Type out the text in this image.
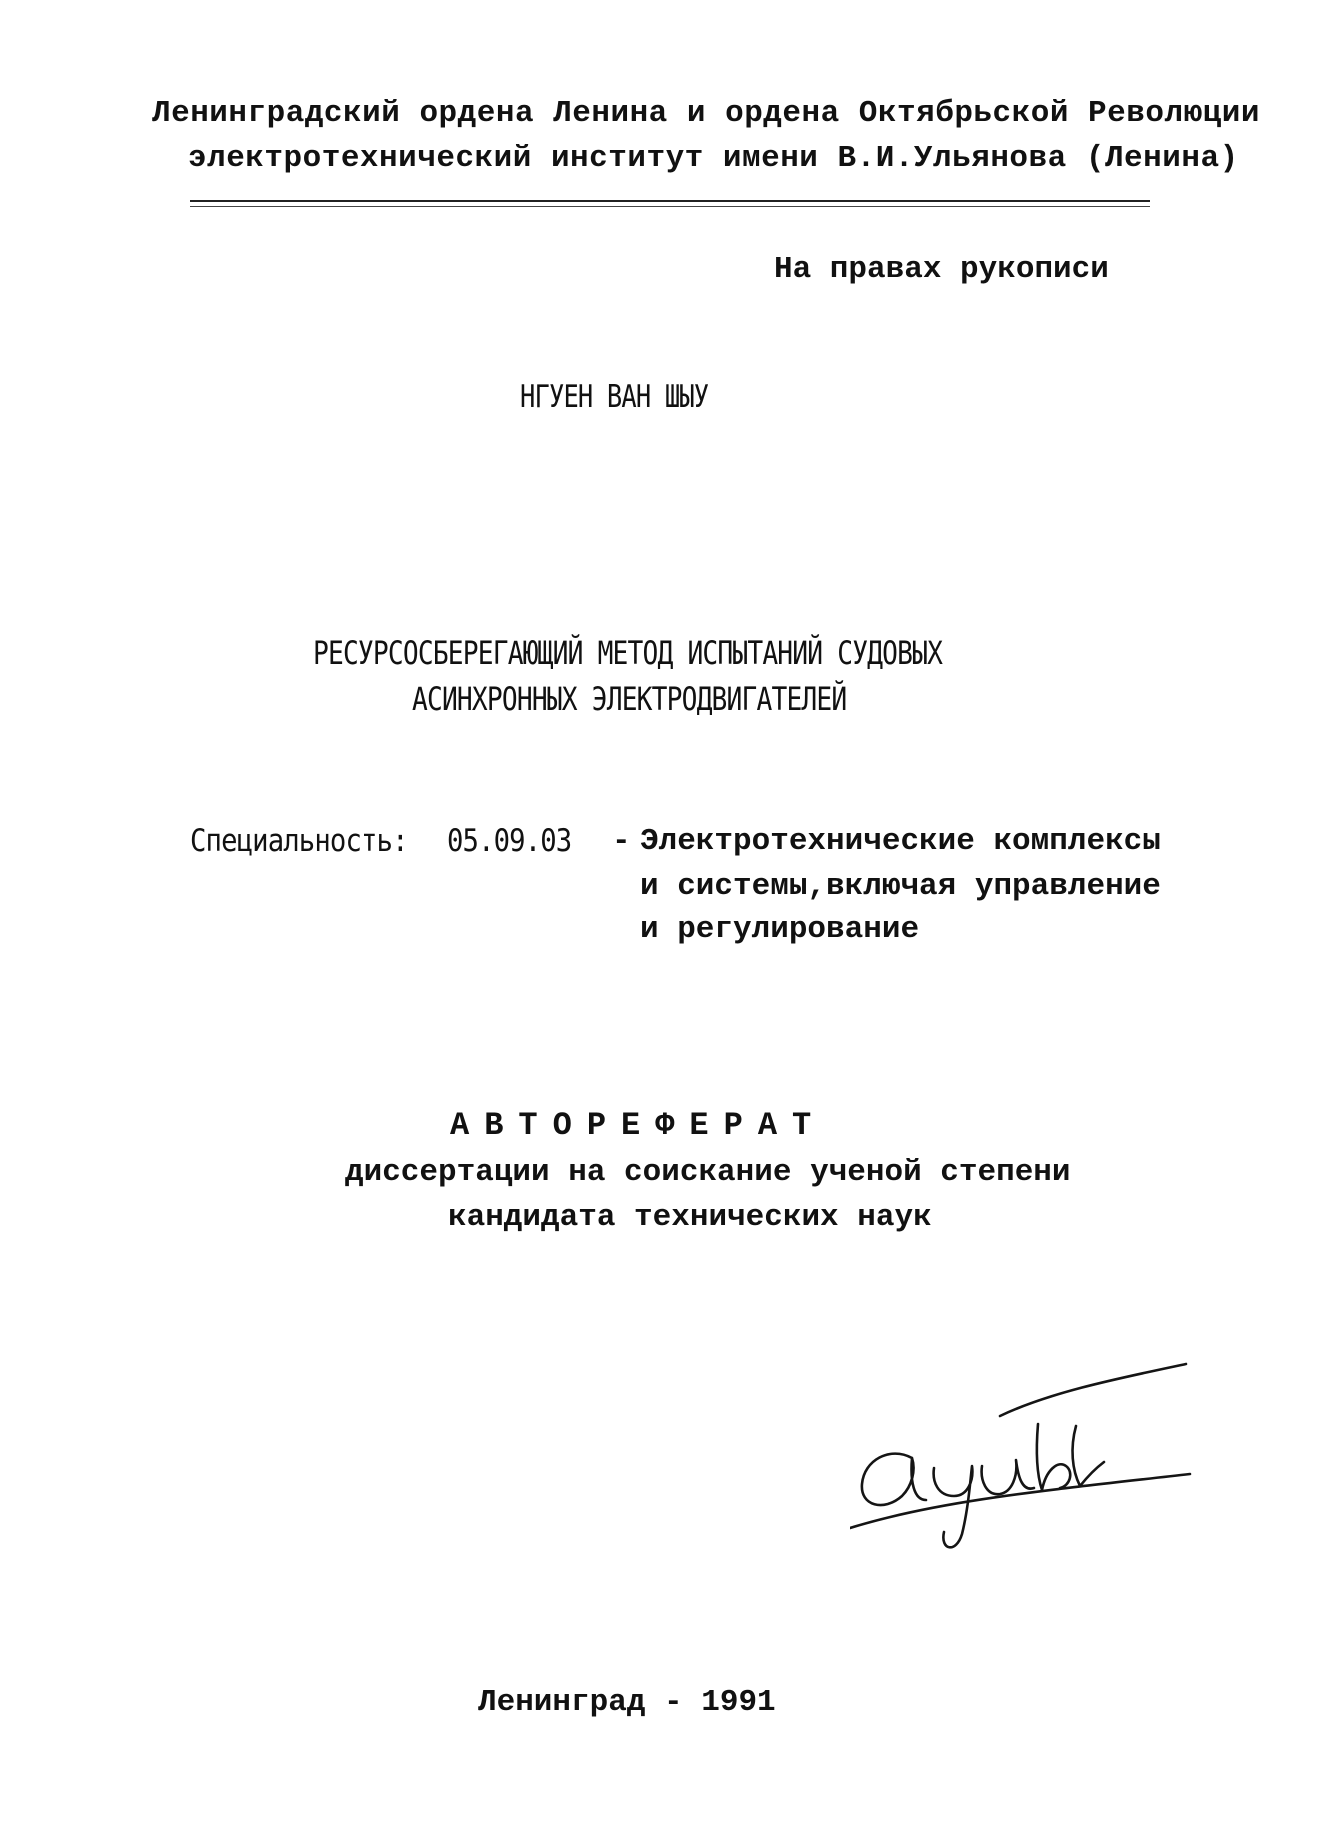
Ленинградский ордена Ленина и ордена Октябрьской Революции
электротехнический институт имени В.И.Ульянова (Ленина)
На правах рукописи
НГУЕН ВАН ШЫУ
РЕСУРСОСБЕРЕГАЮЩИЙ МЕТОД ИСПЫТАНИЙ СУДОВЫХ
АСИНХРОННЫХ ЭЛЕКТРОДВИГАТЕЛЕЙ
Специальность: 05.09.03 - Электротехнические комплексы
и системы,включая управление
и регулирование
АВТОРЕФЕРАТ
диссертации на соискание ученой степени
кандидата технических наук
Ленинград - 1991
